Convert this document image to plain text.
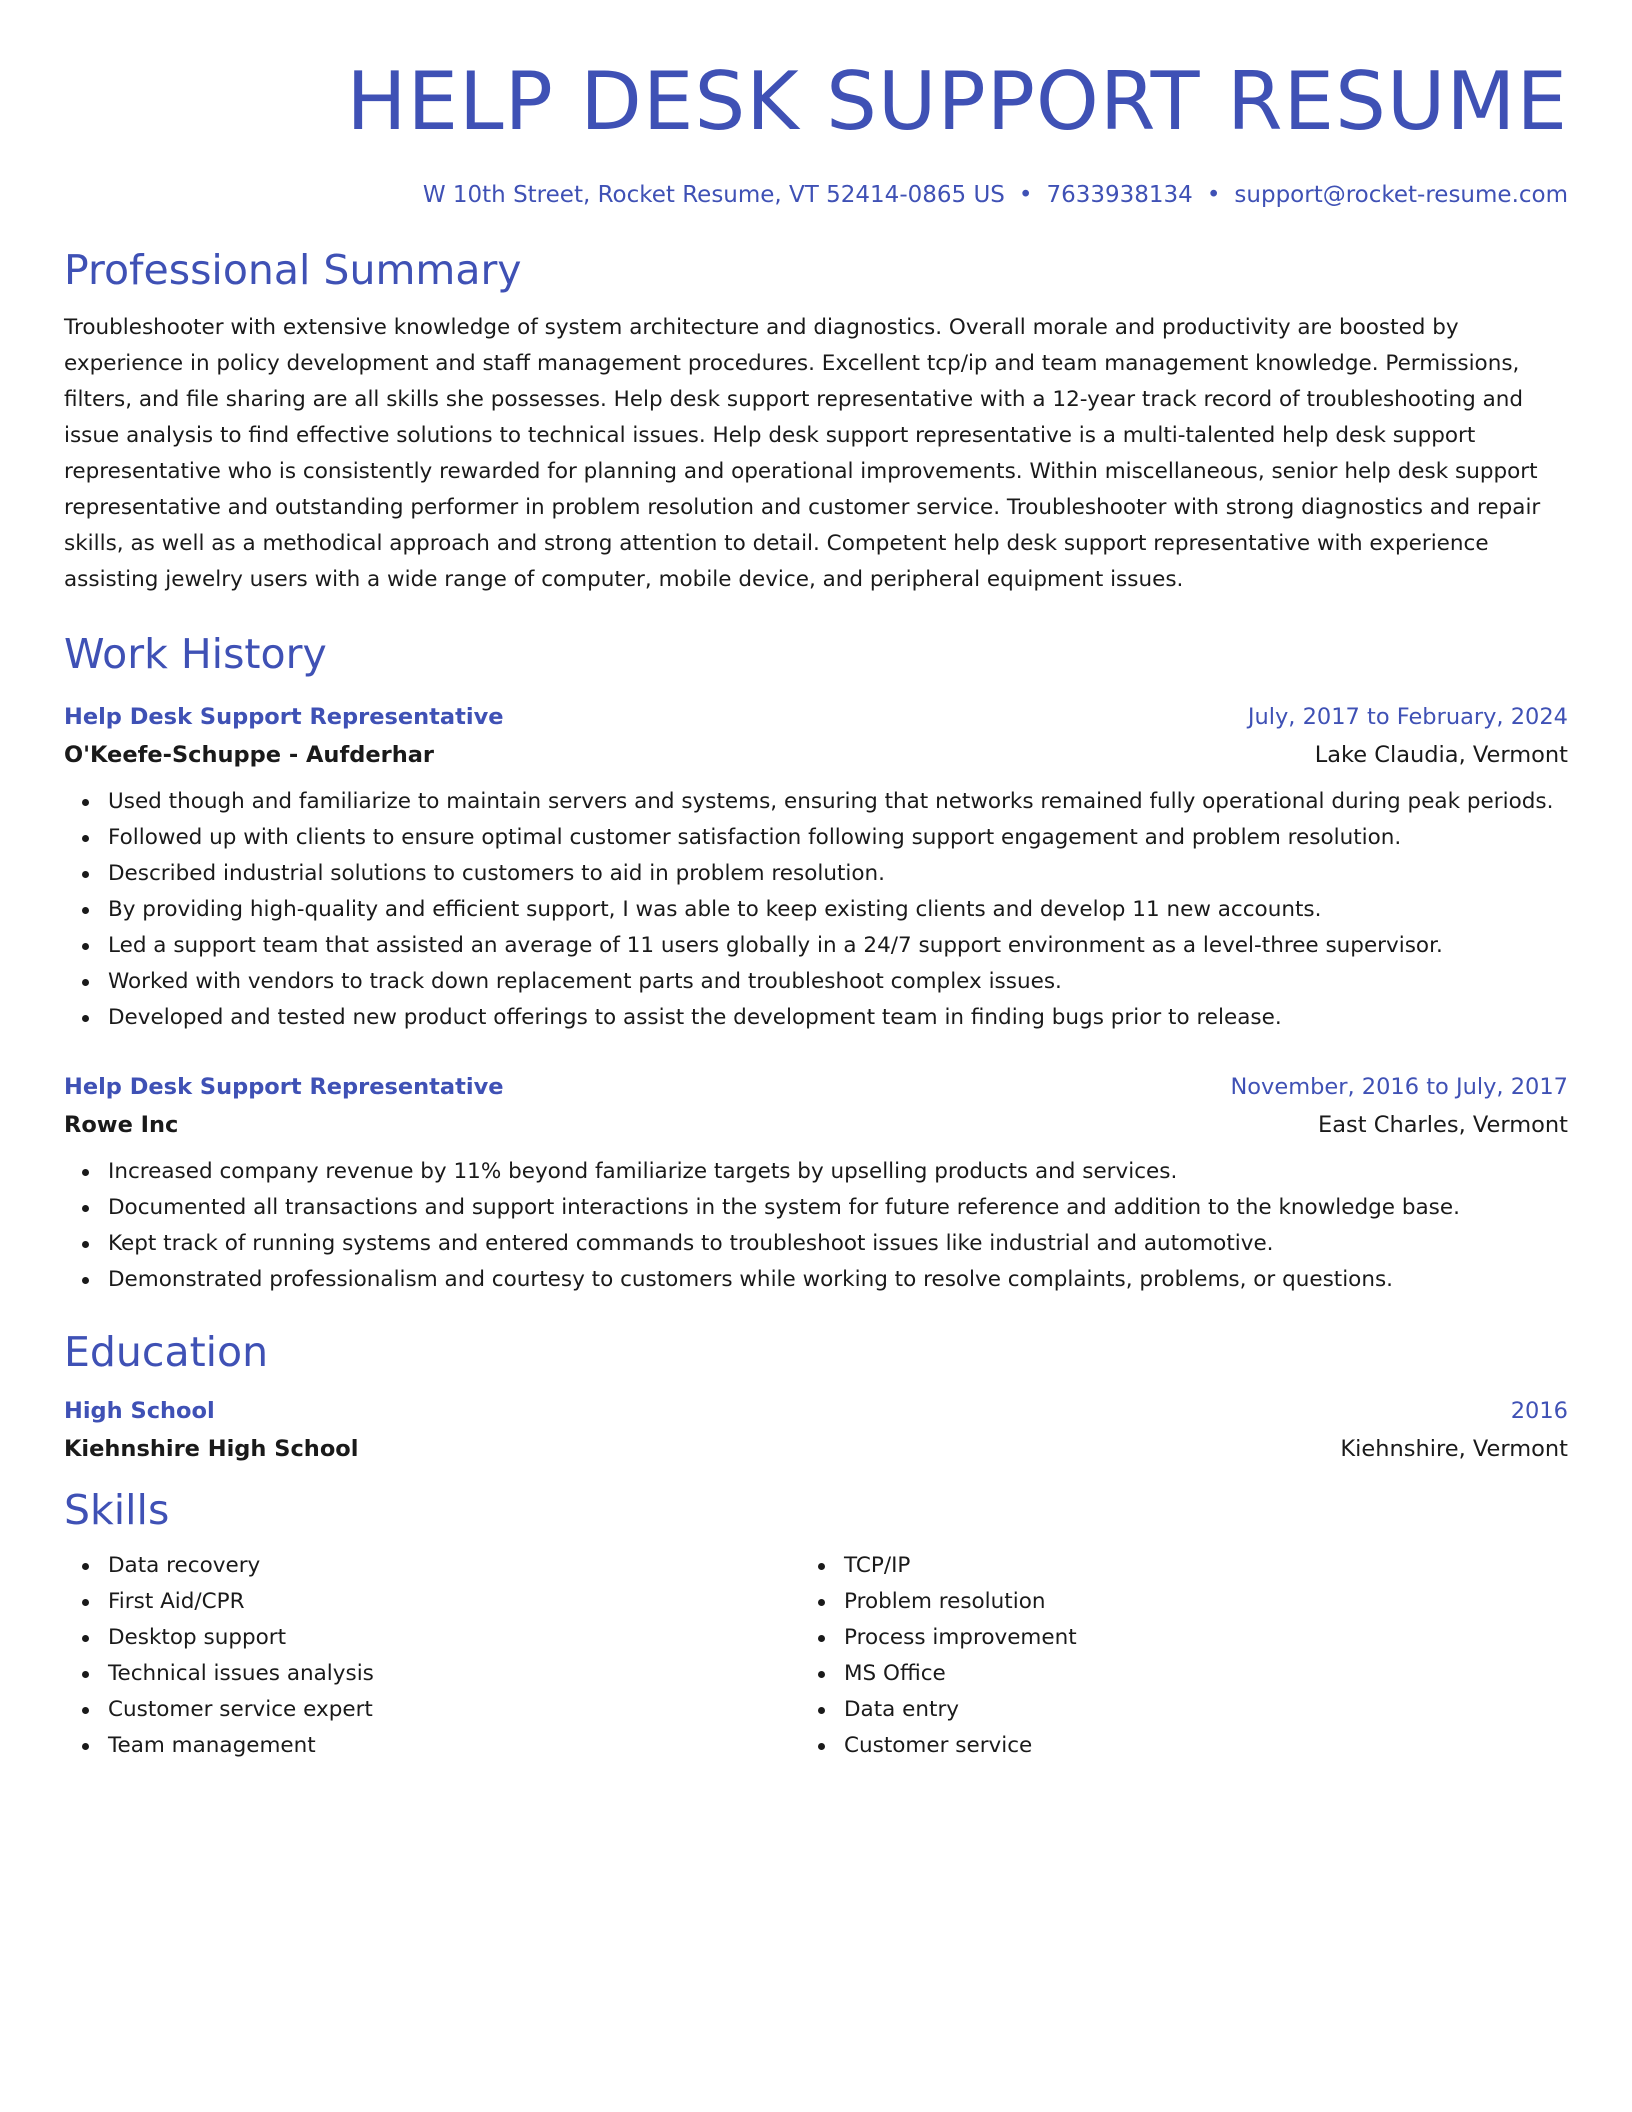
HELP DESK SUPPORT RESUME
W 10th Street, Rocket Resume, VT 52414-0865 US • 7633938134 • support@rocket-resume.com
Professional Summary
Troubleshooter with extensive knowledge of system architecture and diagnostics. Overall morale and productivity are boosted by experience in policy development and staff management procedures. Excellent tcp/ip and team management knowledge. Permissions, filters, and file sharing are all skills she possesses. Help desk support representative with a 12-year track record of troubleshooting and issue analysis to find effective solutions to technical issues. Help desk support representative is a multi-talented help desk support representative who is consistently rewarded for planning and operational improvements. Within miscellaneous, senior help desk support representative and outstanding performer in problem resolution and customer service. Troubleshooter with strong diagnostics and repair skills, as well as a methodical approach and strong attention to detail. Competent help desk support representative with experience assisting jewelry users with a wide range of computer, mobile device, and peripheral equipment issues.
Work History
Help Desk Support Representative	July, 2017 to February, 2024
O'Keefe-Schuppe - Aufderhar	Lake Claudia, Vermont
Used though and familiarize to maintain servers and systems, ensuring that networks remained fully operational during peak periods.
Followed up with clients to ensure optimal customer satisfaction following support engagement and problem resolution.
Described industrial solutions to customers to aid in problem resolution.
By providing high-quality and efficient support, I was able to keep existing clients and develop 11 new accounts.
Led a support team that assisted an average of 11 users globally in a 24/7 support environment as a level-three supervisor.
Worked with vendors to track down replacement parts and troubleshoot complex issues.
Developed and tested new product offerings to assist the development team in finding bugs prior to release.
Help Desk Support Representative	November, 2016 to July, 2017
Rowe Inc	East Charles, Vermont
Increased company revenue by 11% beyond familiarize targets by upselling products and services.
Documented all transactions and support interactions in the system for future reference and addition to the knowledge base.
Kept track of running systems and entered commands to troubleshoot issues like industrial and automotive.
Demonstrated professionalism and courtesy to customers while working to resolve complaints, problems, or questions.
Education
High School	2016
Kiehnshire High School	Kiehnshire, Vermont
Skills
Data recovery
First Aid/CPR
Desktop support
Technical issues analysis
Customer service expert
Team management
TCP/IP
Problem resolution
Process improvement
MS Office
Data entry
Customer service
